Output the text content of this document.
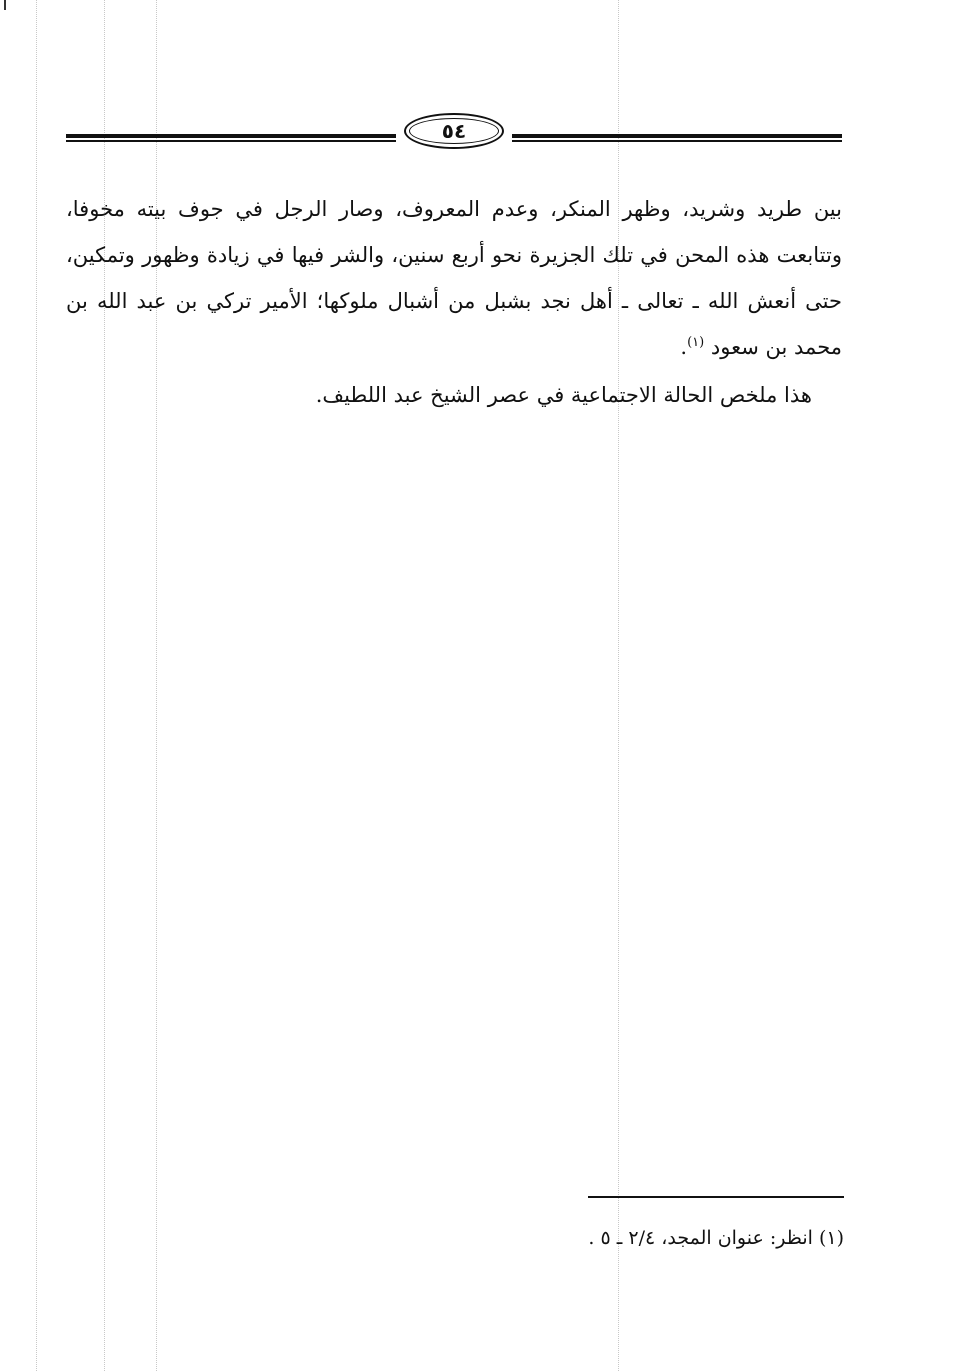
٥٤

بين طريد وشريد، وظهر المنكر، وعدم المعروف، وصار الرجل في جوف بيته مخوفا، وتتابعت هذه المحن في تلك الجزيرة نحو أربع سنين، والشر فيها في زيادة وظهور وتمكين، حتى أنعش الله ـ تعالى ـ أهل نجد بشبل من أشبال ملوكها؛ الأمير تركي بن عبد الله بن محمد بن سعود $^{(١)}$.

هذا ملخص الحالة الاجتماعية في عصر الشيخ عبد اللطيف.

(١) انظر: عنوان المجد، ٢/٤ ـ ٥ .
